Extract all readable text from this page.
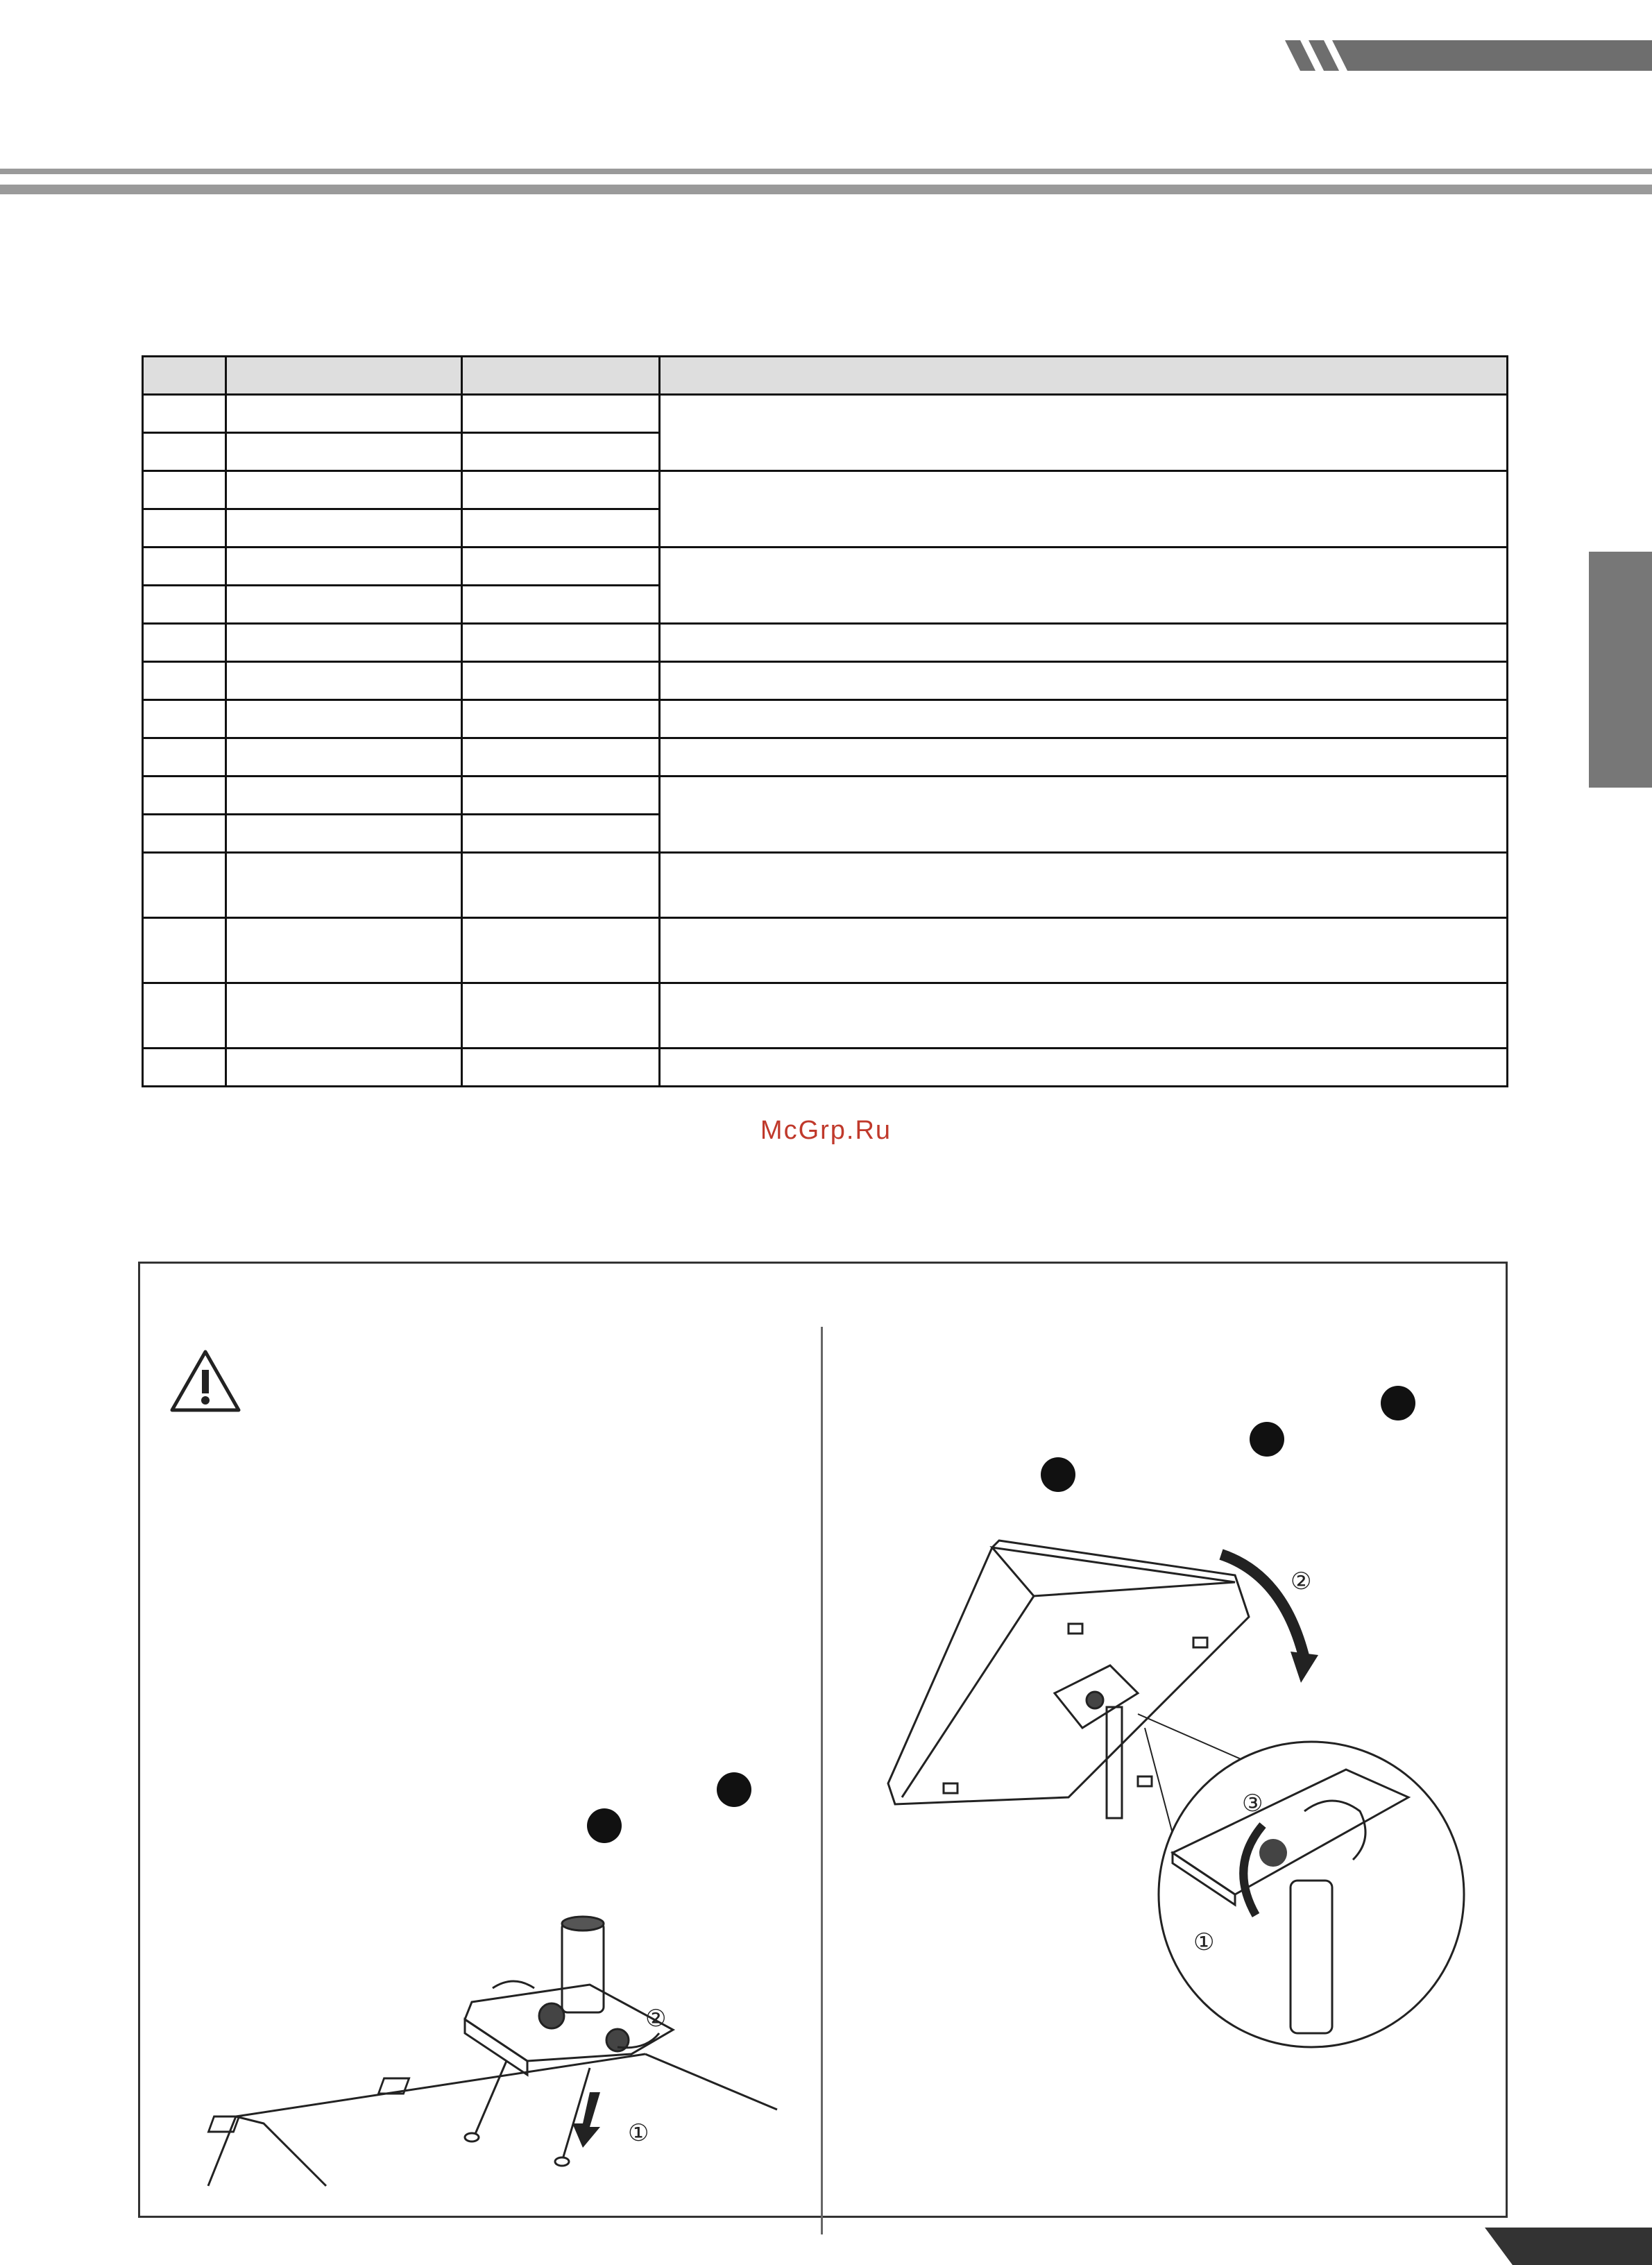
McGrp.Ru
①
②
②
③
①
